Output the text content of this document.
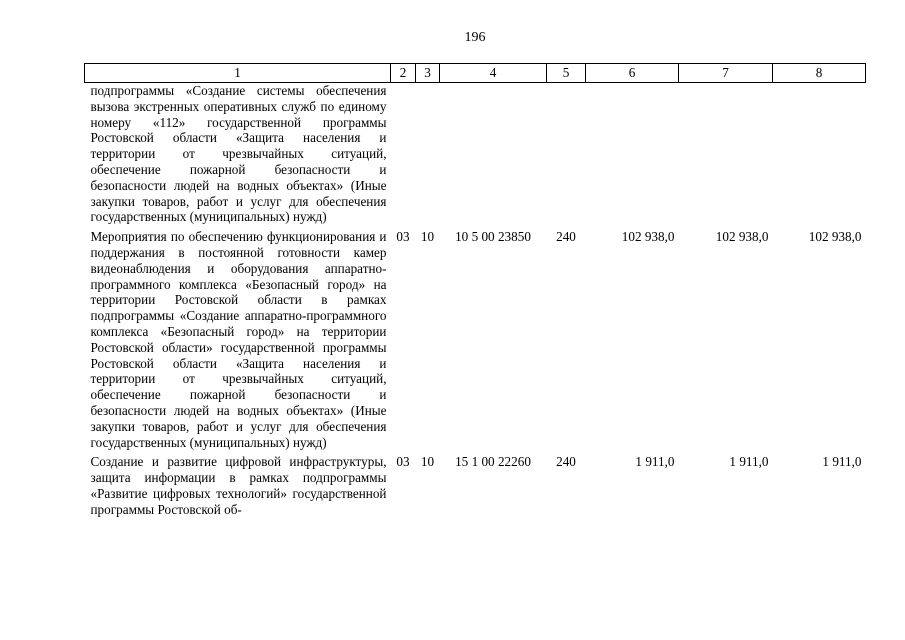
196
1	2	3	4	5	6	7	8
подпрограммы «Создание системы обеспечения вызова экстренных оперативных служб по единому номеру «112» государственной программы Ростовской области «Защита населения и территории от чрезвычайных ситуаций, обеспечение пожарной безопасности и безопасности людей на водных объектах» (Иные закупки товаров, работ и услуг для обеспечения государственных (муниципальных) нужд)							
Мероприятия по обеспечению функционирования и поддержания в постоянной готовности камер видеонаблюдения и оборудования аппаратно-программного комплекса «Безопасный город» на территории Ростовской области в рамках подпрограммы «Создание аппаратно-программного комплекса «Безопасный город» на территории Ростовской области» государственной программы Ростовской области «Защита населения и территории от чрезвычайных ситуаций, обеспечение пожарной безопасности и безопасности людей на водных объектах» (Иные закупки товаров, работ и услуг для обеспечения государственных (муниципальных) нужд)	03	10	10 5 00 23850	240	102 938,0	102 938,0	102 938,0
Создание и развитие цифровой инфраструктуры, защита информации в рамках подпрограммы «Развитие цифровых технологий» государственной программы Ростовской об-	03	10	15 1 00 22260	240	1 911,0	1 911,0	1 911,0
